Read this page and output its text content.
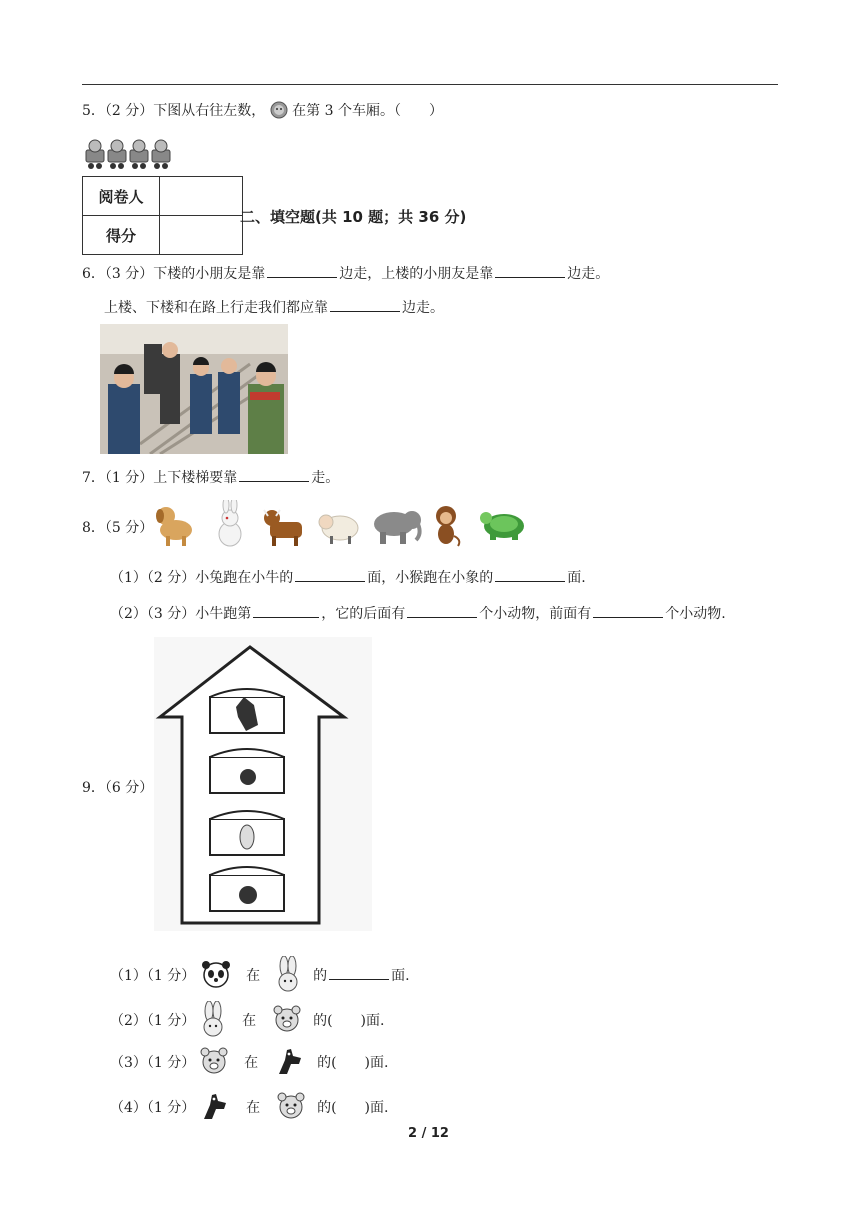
5．（2 分）下图从右往左数， 在第 3 个车厢。（　　）
阅卷人	
得分	
二、填空题(共 10 题；共 36 分)
6．（3 分）下楼的小朋友是靠	边走，上楼的小朋友是靠	边走。
上楼、下楼和在路上行走我们都应靠	边走。
7．（1 分）上下楼梯要靠	走。
8．（5 分）
（1）（2 分）小兔跑在小牛的	面，小猴跑在小象的	面.
（2）（3 分）小牛跑第	，它的后面有	个小动物，前面有	个小动物.
9．（6 分）
（1）（1 分）	在	的	面.
（2）（1 分）	在	的(　　)面.
（3）（1 分）	在	的(　　)面.
（4）（1 分）	在	的(　　)面.
2 / 12
